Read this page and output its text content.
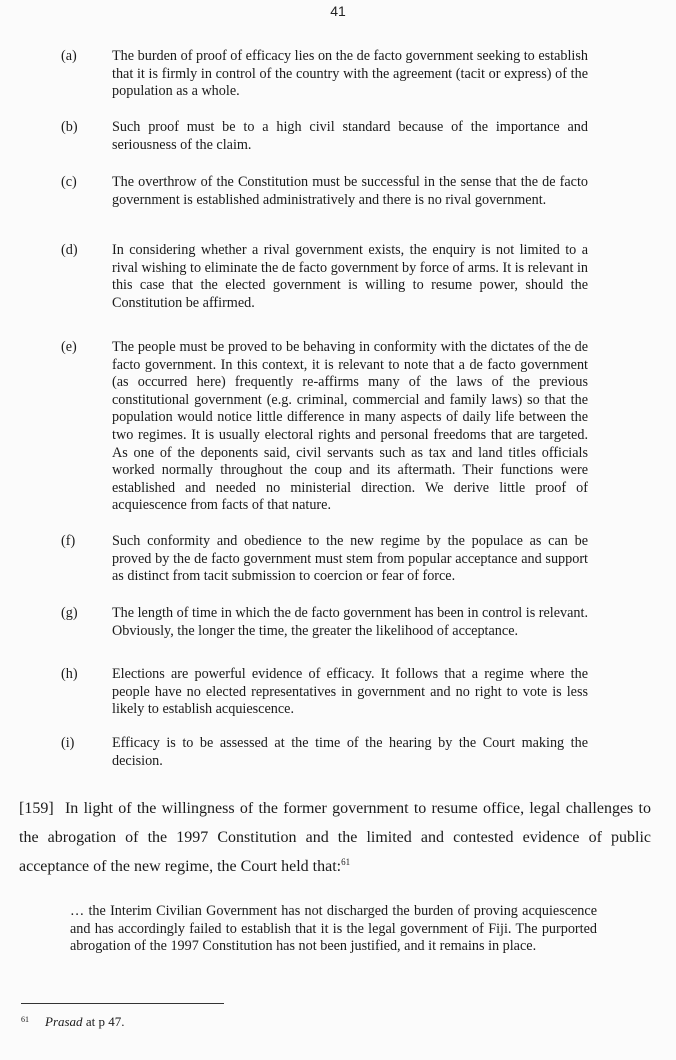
41
(a) The burden of proof of efficacy lies on the de facto government seeking to establish that it is firmly in control of the country with the agreement (tacit or express) of the population as a whole.
(b) Such proof must be to a high civil standard because of the importance and seriousness of the claim.
(c) The overthrow of the Constitution must be successful in the sense that the de facto government is established administratively and there is no rival government.
(d) In considering whether a rival government exists, the enquiry is not limited to a rival wishing to eliminate the de facto government by force of arms. It is relevant in this case that the elected government is willing to resume power, should the Constitution be affirmed.
(e) The people must be proved to be behaving in conformity with the dictates of the de facto government. In this context, it is relevant to note that a de facto government (as occurred here) frequently re-affirms many of the laws of the previous constitutional government (e.g. criminal, commercial and family laws) so that the population would notice little difference in many aspects of daily life between the two regimes. It is usually electoral rights and personal freedoms that are targeted. As one of the deponents said, civil servants such as tax and land titles officials worked normally throughout the coup and its aftermath. Their functions were established and needed no ministerial direction. We derive little proof of acquiescence from facts of that nature.
(f)	Such conformity and obedience to the new regime by the populace as can be proved by the de facto government must stem from popular acceptance and support as distinct from tacit submission to coercion or fear of force.
(g) The length of time in which the de facto government has been in control is relevant. Obviously, the longer the time, the greater the likelihood of acceptance.
(h) Elections are powerful evidence of efficacy. It follows that a regime where the people have no elected representatives in government and no right to vote is less likely to establish acquiescence.
(i)	Efficacy is to be assessed at the time of the hearing by the Court making the decision.
[159] In light of the willingness of the former government to resume office, legal challenges to the abrogation of the 1997 Constitution and the limited and contested evidence of public acceptance of the new regime, the Court held that:$^{61}$
… the Interim Civilian Government has not discharged the burden of proving acquiescence and has accordingly failed to establish that it is the legal government of Fiji. The purported abrogation of the 1997 Constitution has not been justified, and it remains in place.
$^{61}$ Prasad at p 47.
